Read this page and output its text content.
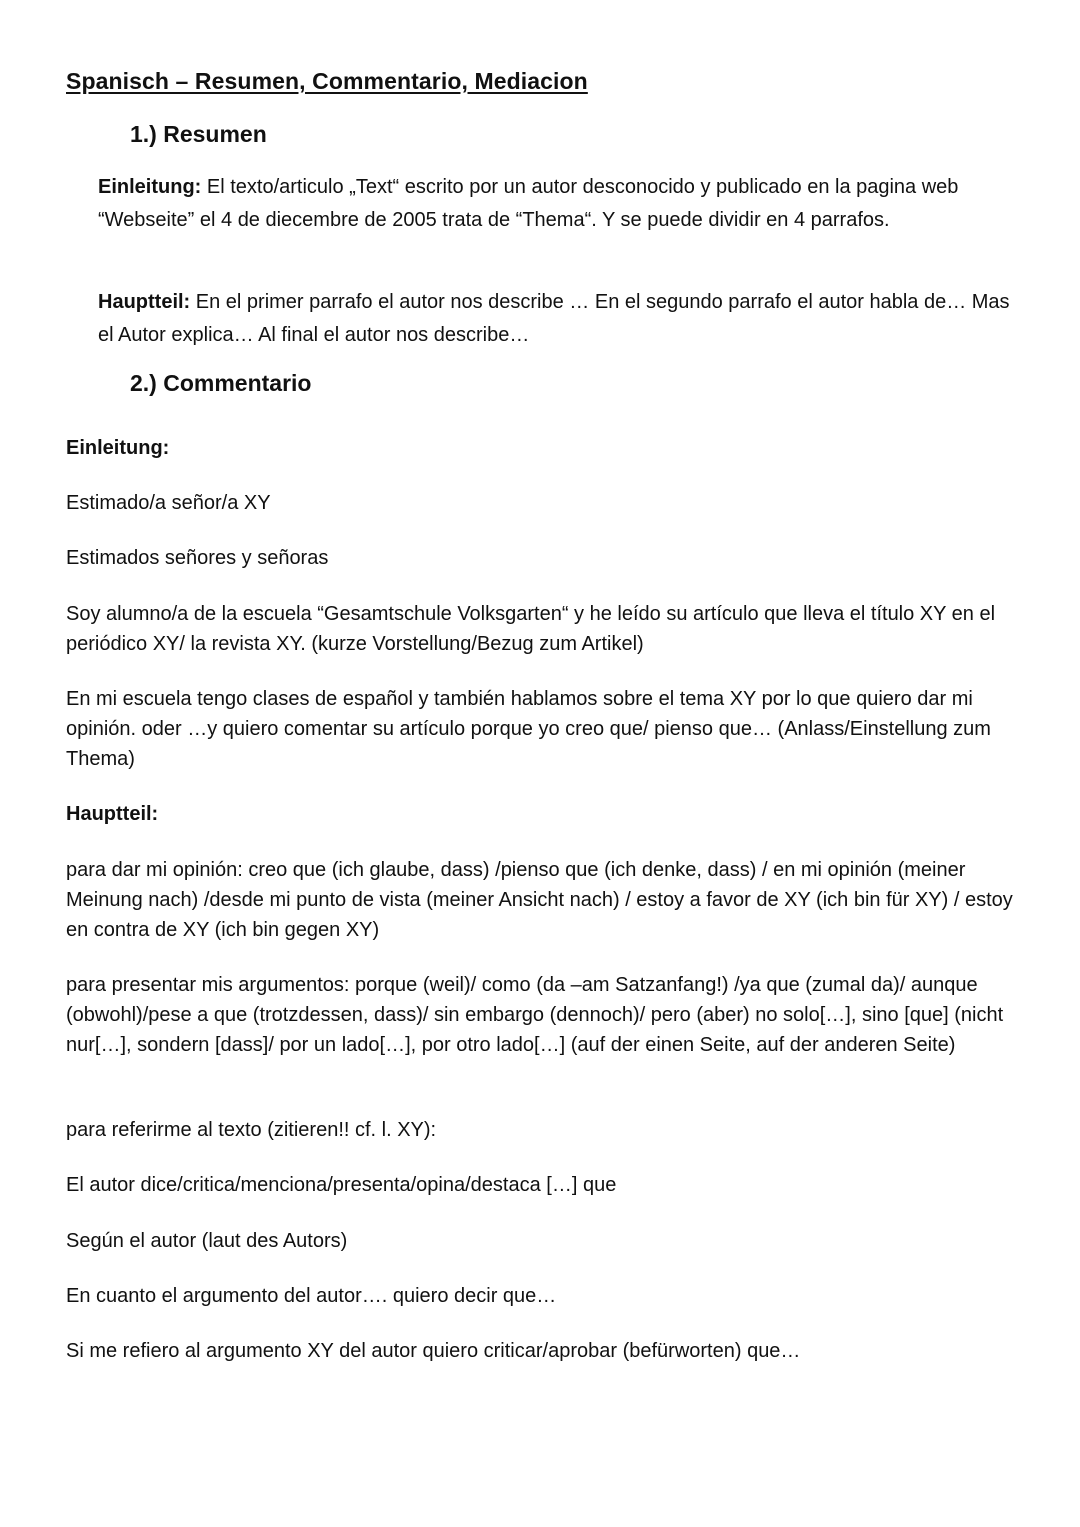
Spanisch – Resumen, Commentario, Mediacion
1.) Resumen

Einleitung: El texto/articulo „Text“ escrito por un autor desconocido y publicado en la pagina web “Webseite” el 4 de diecembre de 2005 trata de “Thema“. Y se puede dividir en 4 parrafos.

Hauptteil: En el primer parrafo el autor nos describe … En el segundo parrafo el autor habla de… Mas el Autor explica… Al final el autor nos describe…

2.) Commentario

Einleitung:

Estimado/a señor/a XY

Estimados señores y señoras

Soy alumno/a de la escuela “Gesamtschule Volksgarten“ y he leído su artículo que lleva el título XY en el periódico XY/ la revista XY. (kurze Vorstellung/Bezug zum Artikel)

En mi escuela tengo clases de español y también hablamos sobre el tema XY por lo que quiero dar mi opinión. oder …y quiero comentar su artículo porque yo creo que/ pienso que… (Anlass/Einstellung zum Thema)

Hauptteil:

para dar mi opinión: creo que (ich glaube, dass) /pienso que (ich denke, dass) / en mi opinión (meiner Meinung nach) /desde mi punto de vista (meiner Ansicht nach) / estoy a favor de XY (ich bin für XY) / estoy en contra de XY (ich bin gegen XY)

para presentar mis argumentos: porque (weil)/ como (da –am Satzanfang!) /ya que (zumal da)/ aunque (obwohl)/pese a que (trotzdessen, dass)/ sin embargo (dennoch)/ pero (aber) no solo[…], sino [que] (nicht nur[…], sondern [dass]/ por un lado[…], por otro lado[…] (auf der einen Seite, auf der anderen Seite)

para referirme al texto (zitieren!! cf. l. XY):

El autor dice/critica/menciona/presenta/opina/destaca […] que

Según el autor (laut des Autors)

En cuanto el argumento del autor…. quiero decir que…

Si me refiero al argumento XY del autor quiero criticar/aprobar (befürworten) que…
